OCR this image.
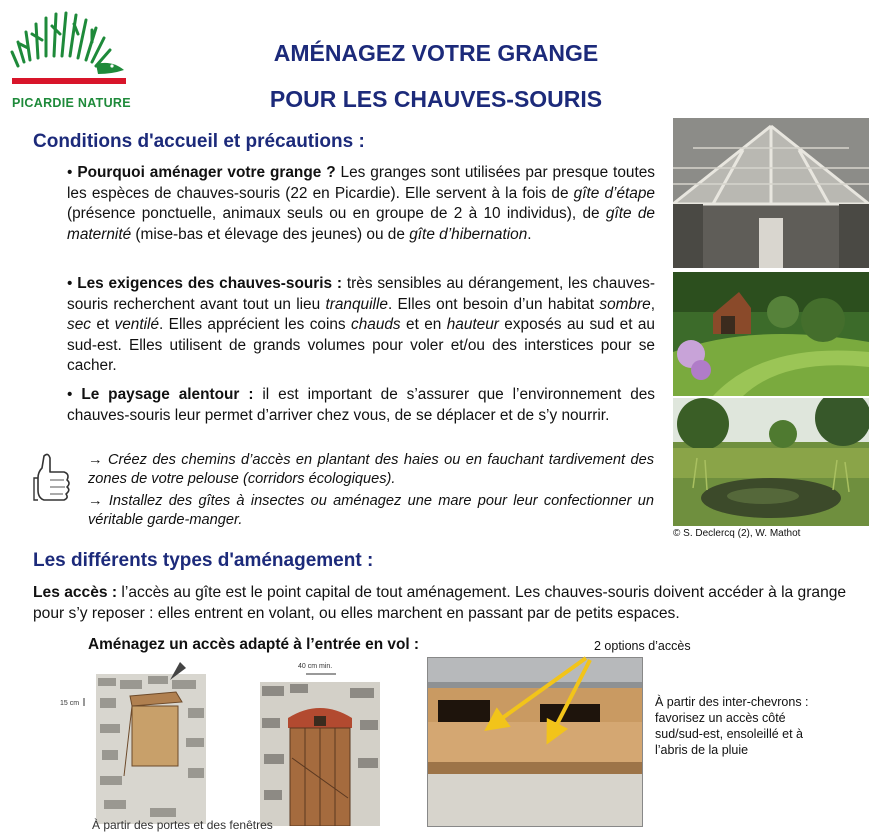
PICARDIE NATURE
AMÉNAGEZ VOTRE GRANGE
POUR LES CHAUVES-SOURIS
Conditions d'accueil et précautions :
• Pourquoi aménager votre grange ? Les granges sont utilisées par presque toutes les espèces de chauves-souris (22 en Picardie). Elle servent à la fois de gîte d’étape (présence ponctuelle, animaux seuls ou en groupe de 2 à 10 individus), de gîte de maternité (mise-bas et élevage des jeunes) ou de gîte d’hibernation.
• Les exigences des chauves-souris : très sensibles au dérangement, les chauves-souris recherchent avant tout un lieu tranquille. Elles ont besoin d’un habitat sombre, sec et ventilé. Elles apprécient les coins chauds et en hauteur exposés au sud et au sud-est. Elles utilisent de grands volumes pour voler et/ou des interstices pour se cacher.
• Le paysage alentour : il est important de s’assurer que l’environnement des chauves-souris leur permet d’arriver chez vous, de se déplacer et de s’y nourrir.
→ Créez des chemins d’accès en plantant des haies ou en fauchant tardivement des zones de votre pelouse (corridors écologiques).
→ Installez des gîtes à insectes ou aménagez une mare pour leur confectionner un véritable garde-manger.
© S. Declercq (2), W. Mathot
Les différents types d'aménagement :
Les accès : l’accès au gîte est le point capital de tout aménagement. Les chauves-souris doivent accéder à la grange pour s’y reposer : elles entrent en volant, ou elles marchent en passant par de petits espaces.
Aménagez un accès adapté à l’entrée en vol :
15 cm
40 cm min.
2 options d’accès
À partir des inter-chevrons : favorisez un accès côté sud/sud-est, ensoleillé et à l’abris de la pluie
À partir des portes et des fenêtres
